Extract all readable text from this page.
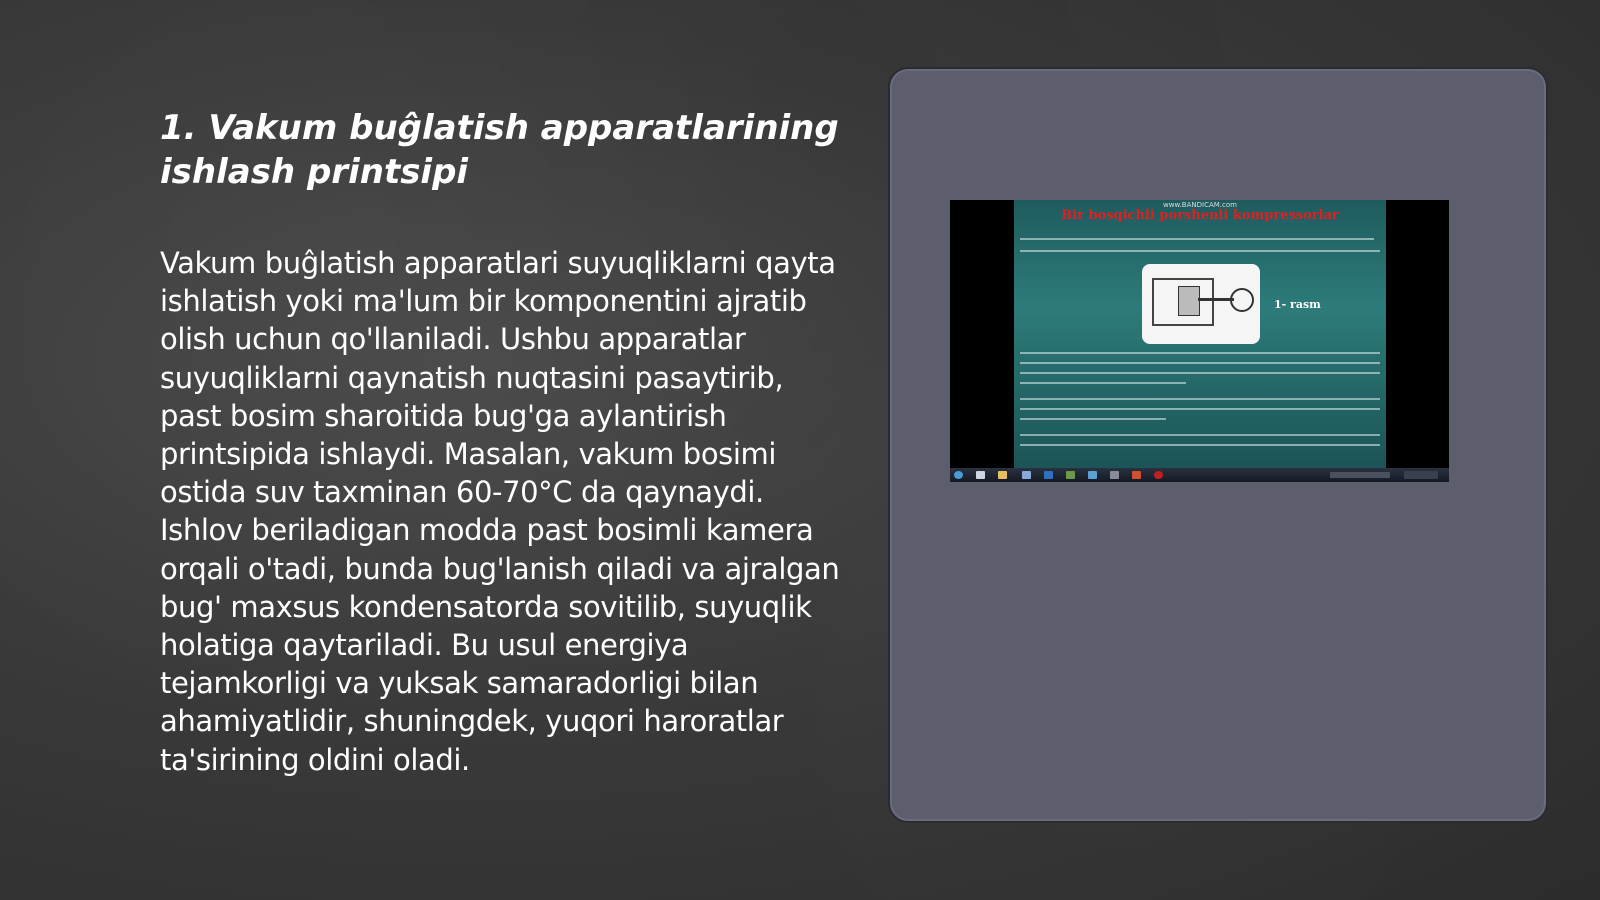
1. Vakum buĝlatish apparatlarining ishlash printsipi

Vakum buĝlatish apparatlari suyuqliklarni qayta ishlatish yoki ma'lum bir komponentini ajratib olish uchun qo'llaniladi. Ushbu apparatlar suyuqliklarni qaynatish nuqtasini pasaytirib, past bosim sharoitida bug'ga aylantirish printsipida ishlaydi. Masalan, vakum bosimi ostida suv taxminan 60-70°C da qaynaydi. Ishlov beriladigan modda past bosimli kamera orqali o'tadi, bunda bug'lanish qiladi va ajralgan bug' maxsus kondensatorda sovitilib, suyuqlik holatiga qaytariladi. Bu usul energiya tejamkorligi va yuksak samaradorligi bilan ahamiyatlidir, shuningdek, yuqori haroratlar ta'sirining oldini oladi.

www.BANDICAM.com
Bir bosqichli porshenli kompressorlar
1- rasm
